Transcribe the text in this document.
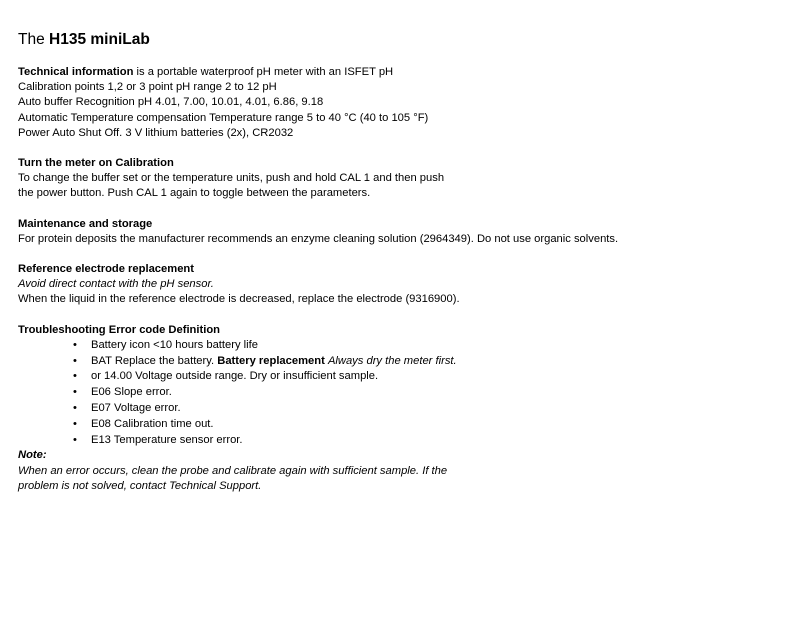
The H135 miniLab
Technical information is a portable waterproof pH meter with an ISFET pH
Calibration points 1,2 or 3 point pH range 2 to 12 pH
Auto buffer Recognition pH 4.01, 7.00, 10.01, 4.01, 6.86, 9.18
Automatic Temperature compensation Temperature range 5 to 40 °C (40 to 105 °F)
Power Auto Shut Off. 3 V lithium batteries (2x), CR2032
Turn the meter on Calibration
To change the buffer set or the temperature units, push and hold CAL 1 and then push
the power button. Push CAL 1 again to toggle between the parameters.
Maintenance and storage
For protein deposits the manufacturer recommends an enzyme cleaning solution (2964349). Do not use organic solvents.
Reference electrode replacement
Avoid direct contact with the pH sensor.
When the liquid in the reference electrode is decreased, replace the electrode (9316900).
Troubleshooting Error code Definition
• Battery icon <10 hours battery life
• BAT Replace the battery. Battery replacement Always dry the meter first.
• or 14.00 Voltage outside range. Dry or insufficient sample.
• E06 Slope error.
• E07 Voltage error.
• E08 Calibration time out.
• E13 Temperature sensor error.
Note:
When an error occurs, clean the probe and calibrate again with sufficient sample. If the
problem is not solved, contact Technical Support.
